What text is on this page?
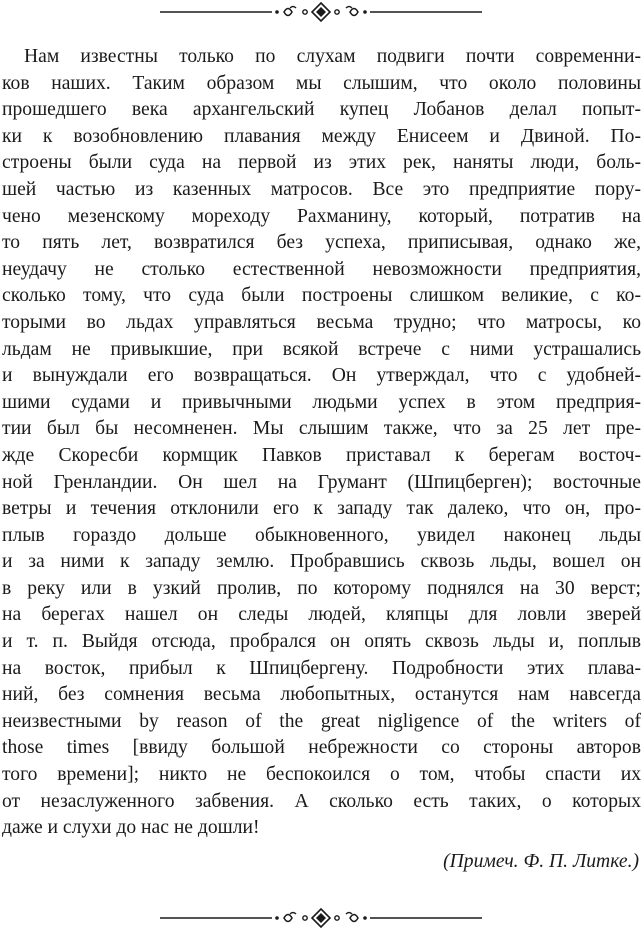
Нам известны только по слухам подвиги почти современни-
ков наших. Таким образом мы слышим, что около половины
прошедшего века архангельский купец Лобанов делал попыт-
ки к возобновлению плавания между Енисеем и Двиной. По-
строены были суда на первой из этих рек, наняты люди, боль-
шей частью из казенных матросов. Все это предприятие пору-
чено мезенскому мореходу Рахманину, который, потратив на
то пять лет, возвратился без успеха, приписывая, однако же,
неудачу не столько естественной невозможности предприятия,
сколько тому, что суда были построены слишком великие, с ко-
торыми во льдах управляться весьма трудно; что матросы, ко
льдам не привыкшие, при всякой встрече с ними устрашались
и вынуждали его возвращаться. Он утверждал, что с удобней-
шими судами и привычными людьми успех в этом предприя-
тии был бы несомненен. Мы слышим также, что за 25 лет пре-
жде Скоресби кормщик Павков приставал к берегам восточ-
ной Гренландии. Он шел на Грумант (Шпицберген); восточные
ветры и течения отклонили его к западу так далеко, что он, про-
плыв гораздо дольше обыкновенного, увидел наконец льды
и за ними к западу землю. Пробравшись сквозь льды, вошел он
в реку или в узкий пролив, по которому поднялся на 30 верст;
на берегах нашел он следы людей, кляпцы для ловли зверей
и т. п. Выйдя отсюда, пробрался он опять сквозь льды и, поплыв
на восток, прибыл к Шпицбергену. Подробности этих плава-
ний, без сомнения весьма любопытных, останутся нам навсегда
неизвестными by reason of the great nigligence of the writers of
those times [ввиду большой небрежности со стороны авторов
того времени]; никто не беспокоился о том, чтобы спасти их
от незаслуженного забвения. А сколько есть таких, о которых
даже и слухи до нас не дошли!
(Примеч. Ф. П. Литке.)
